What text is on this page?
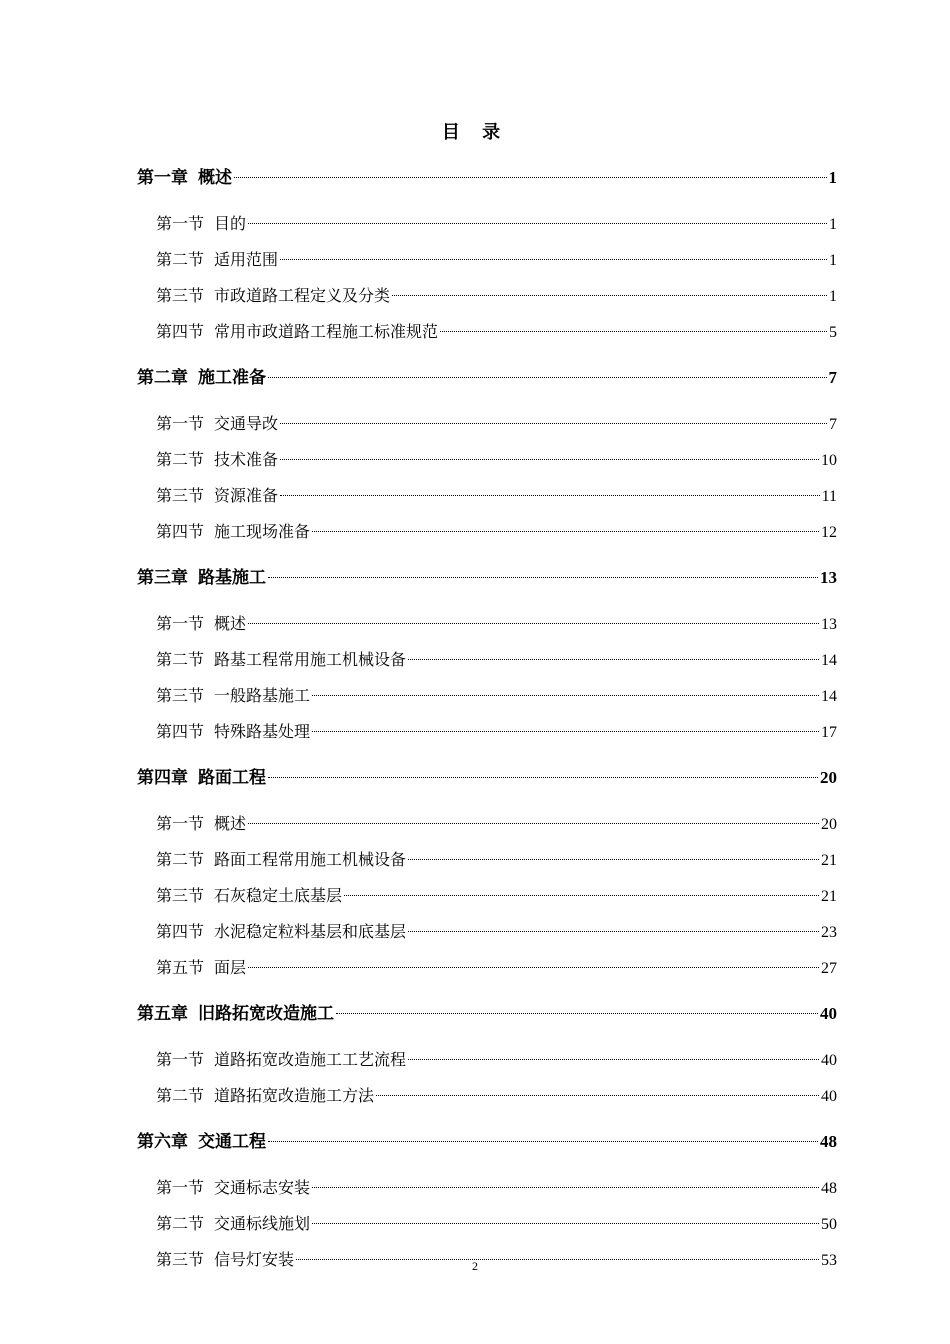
目 录
第一章 概述	1
第一节 目的	1
第二节 适用范围	1
第三节 市政道路工程定义及分类	1
第四节 常用市政道路工程施工标准规范	5
第二章 施工准备	7
第一节 交通导改	7
第二节 技术准备	10
第三节 资源准备	11
第四节 施工现场准备	12
第三章 路基施工	13
第一节 概述	13
第二节 路基工程常用施工机械设备	14
第三节 一般路基施工	14
第四节 特殊路基处理	17
第四章 路面工程	20
第一节 概述	20
第二节 路面工程常用施工机械设备	21
第三节 石灰稳定土底基层	21
第四节 水泥稳定粒料基层和底基层	23
第五节 面层	27
第五章 旧路拓宽改造施工	40
第一节 道路拓宽改造施工工艺流程	40
第二节 道路拓宽改造施工方法	40
第六章 交通工程	48
第一节 交通标志安装	48
第二节 交通标线施划	50
第三节 信号灯安装	53
2
